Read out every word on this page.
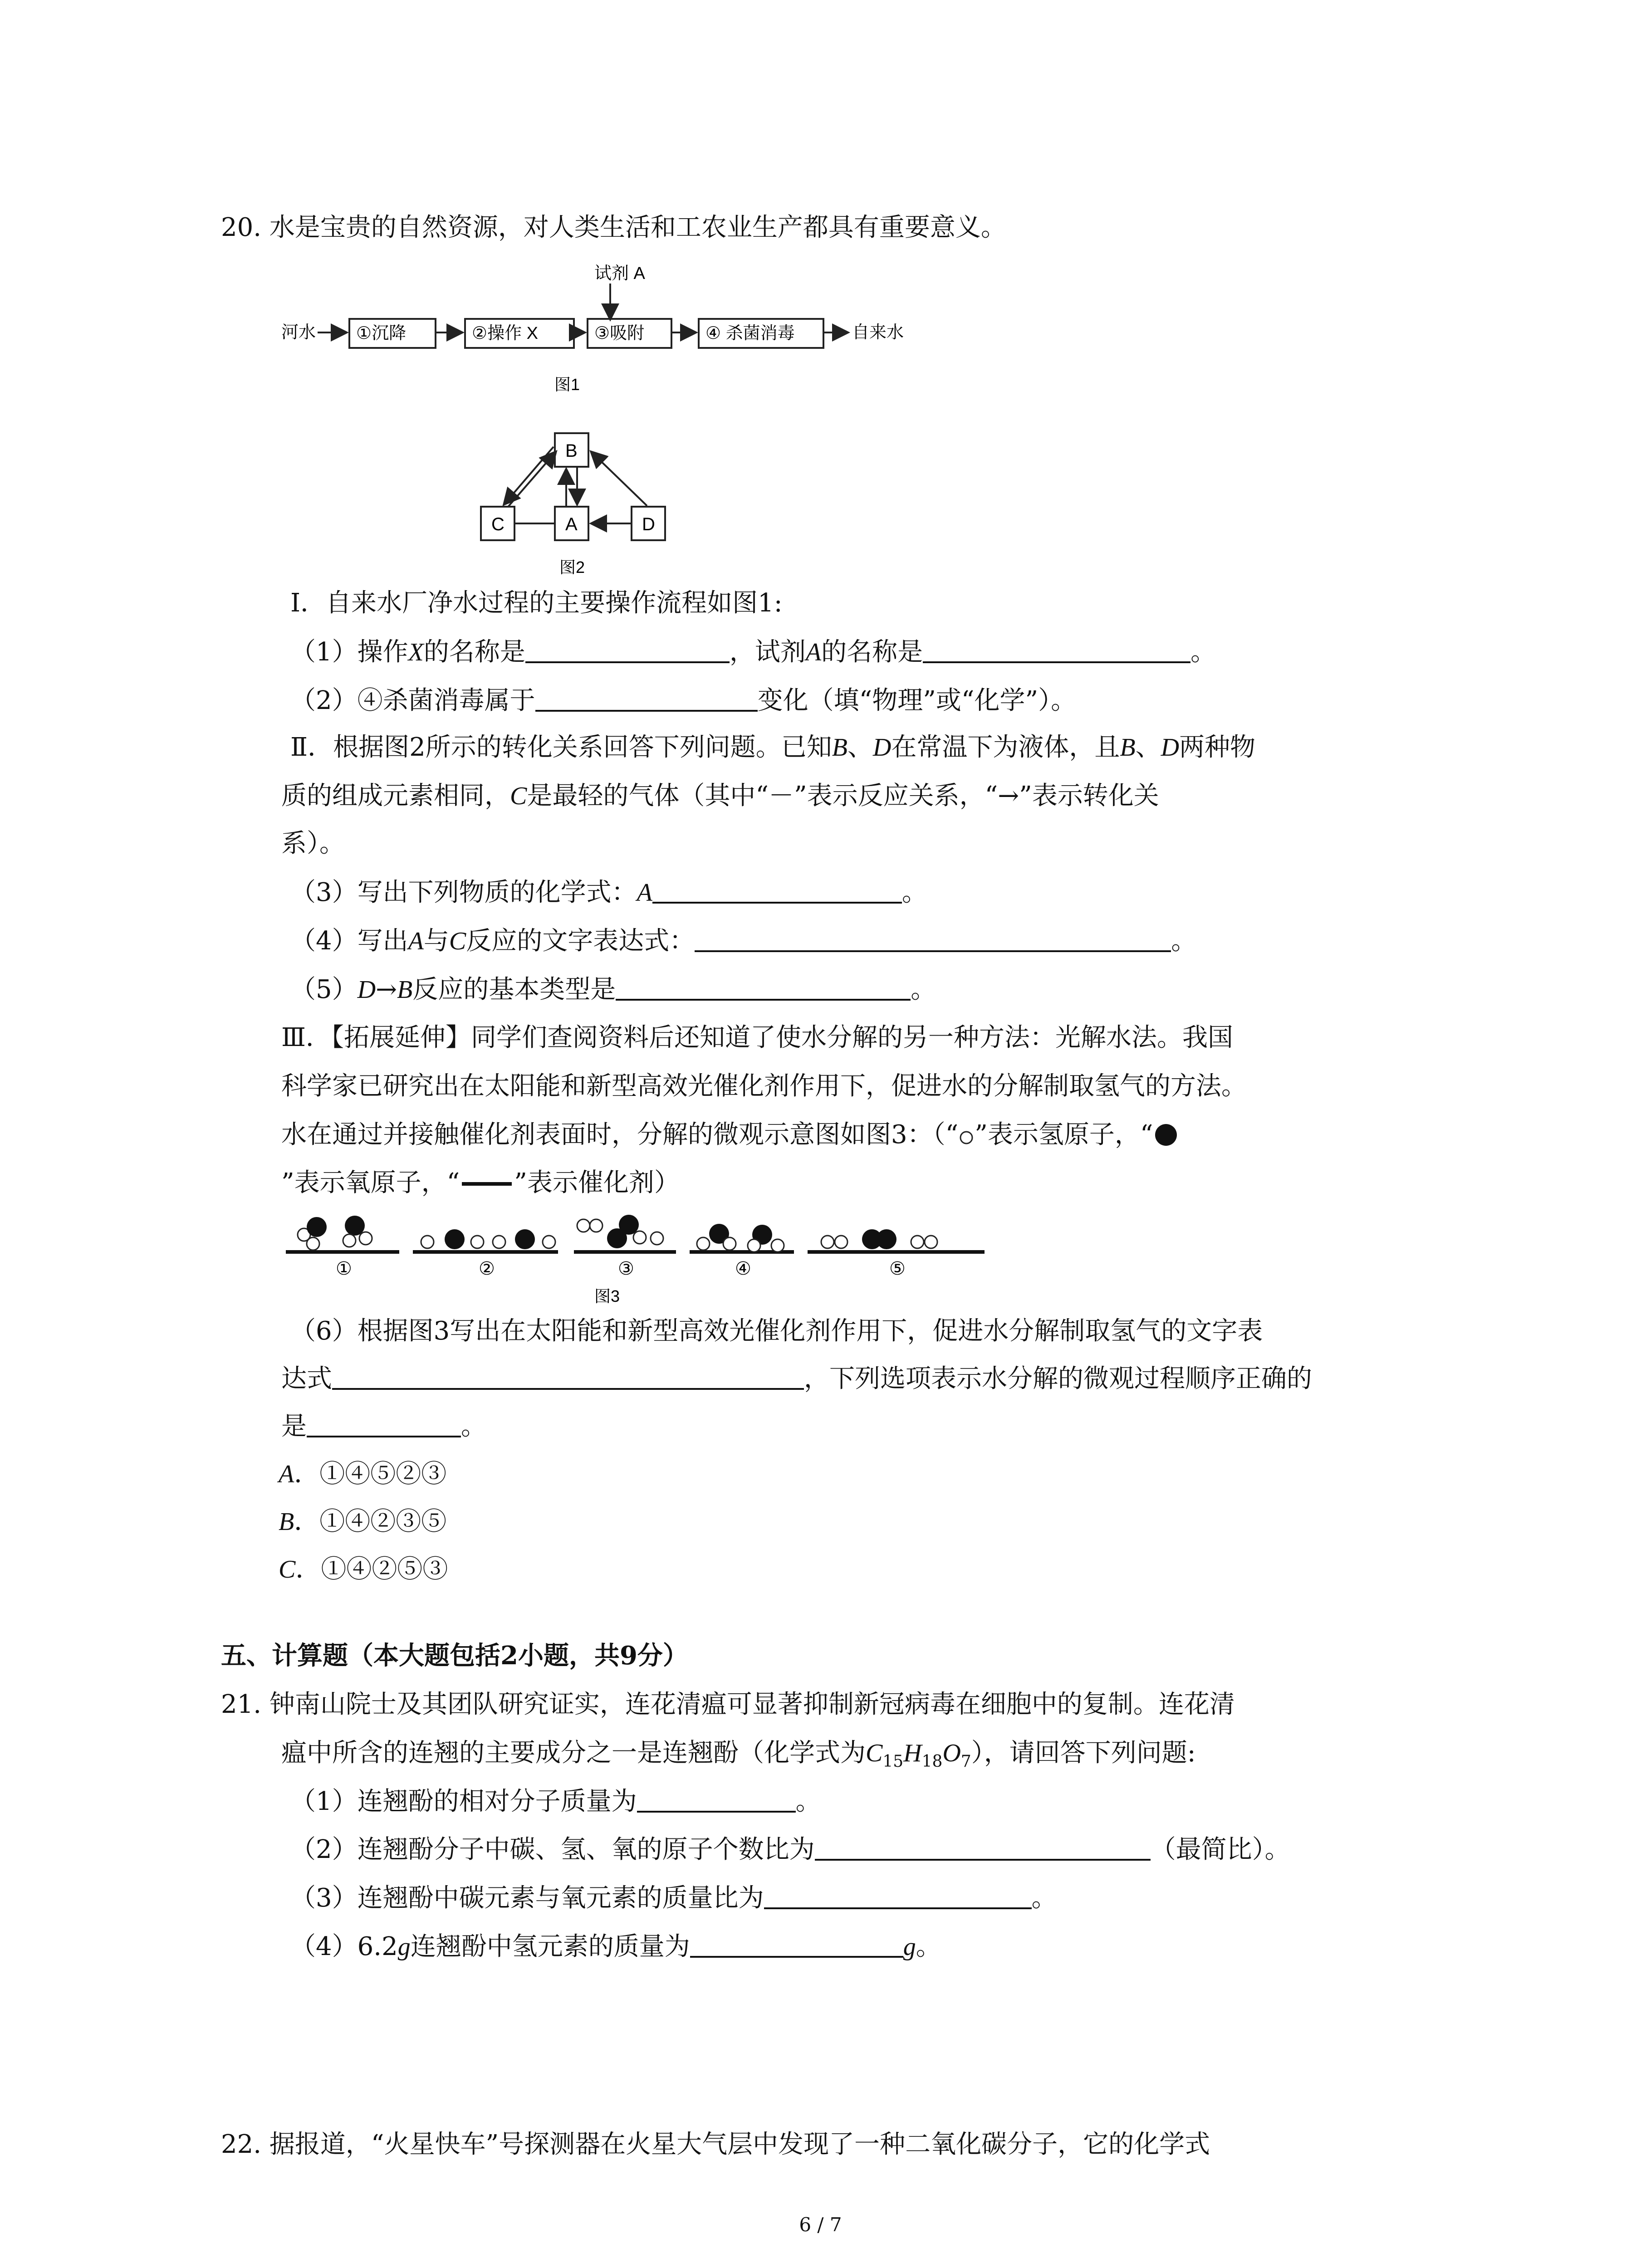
20. 水是宝贵的自然资源，对人类生活和工农业生产都具有重要意义。
试剂 A
河水 ①沉降	②操作 X	③吸附	④ 杀菌消毒	自来水
图1
B
C	A	D
图2
Ⅰ．自来水厂净水过程的主要操作流程如图1:
（1）操作X的名称是	，试剂A的名称是	。
（2）④杀菌消毒属于	变化（填“物理”或“化学”）。
Ⅱ．根据图2所示的转化关系回答下列问题。已知B、D在常温下为液体，且B、D两种物
质的组成元素相同，C是最轻的气体（其中“－”表示反应关系，“→”表示转化关
系）。
（3）写出下列物质的化学式：A	。
（4）写出A与C反应的文字表达式：	。
（5）D→B反应的基本类型是	。
Ⅲ．【拓展延伸】同学们查阅资料后还知道了使水分解的另一种方法：光解水法。我国
科学家已研究出在太阳能和新型高效光催化剂作用下，促进水的分解制取氢气的方法。
水在通过并接触催化剂表面时，分解的微观示意图如图3：（“ ”表示氢原子，“
”表示氧原子，“ ”表示催化剂）
①	②	③	④	⑤
图3
（6）根据图3写出在太阳能和新型高效光催化剂作用下，促进水分解制取氢气的文字表
达式	，下列选项表示水分解的微观过程顺序正确的
是	。
A．①④⑤②③
B．①④②③⑤
C．①④②⑤③
五、计算题（本大题包括2小题，共9分）
21. 钟南山院士及其团队研究证实，连花清瘟可显著抑制新冠病毒在细胞中的复制。连花清
瘟中所含的连翘的主要成分之一是连翘酚（化学式为$C_{15}H_{18}O_7$），请回答下列问题:
（1）连翘酚的相对分子质量为	。
（2）连翘酚分子中碳、氢、氧的原子个数比为	（最简比）。
（3）连翘酚中碳元素与氧元素的质量比为	。
（4）6.2g连翘酚中氢元素的质量为	g。
22. 据报道，“火星快车”号探测器在火星大气层中发现了一种二氧化碳分子，它的化学式
6 / 7
